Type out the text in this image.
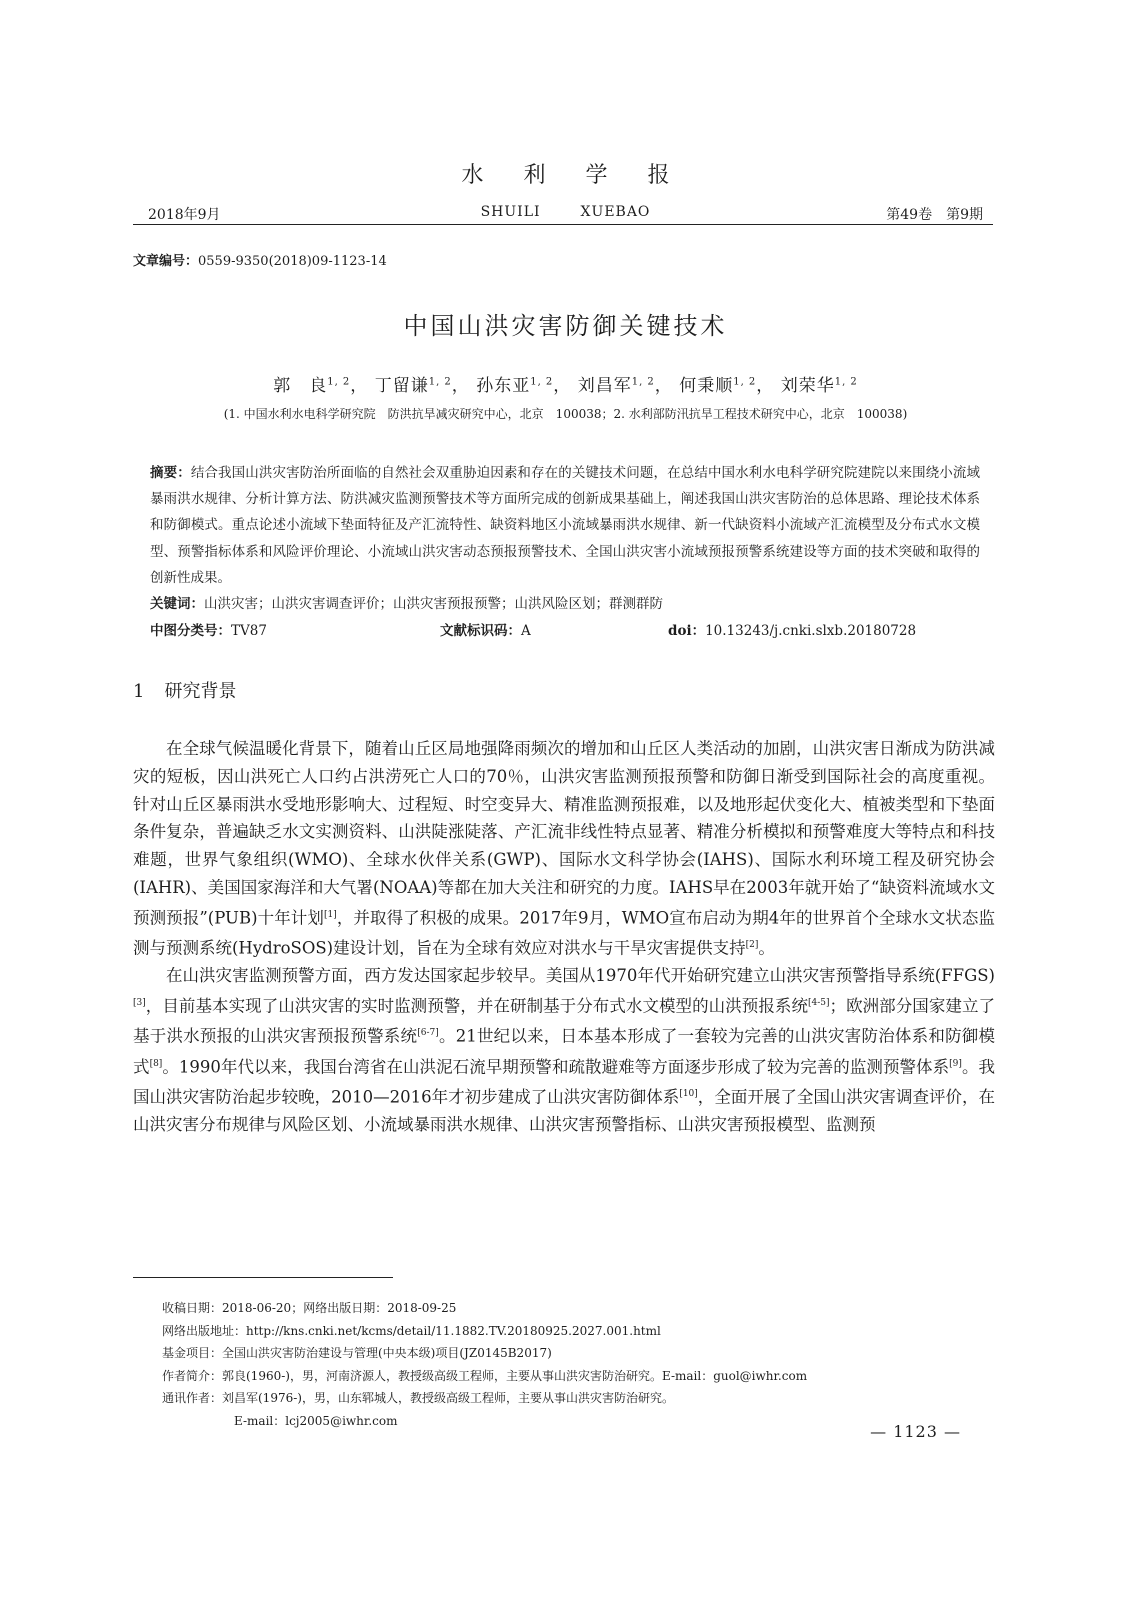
水利学报
2018年9月	SHUILI	XUEBAO	第49卷　第9期
文章编号：0559-9350(2018)09-1123-14
中国山洪灾害防御关键技术
郭　良$^{1, 2}$， 丁留谦$^{1, 2}$， 孙东亚$^{1, 2}$， 刘昌军$^{1, 2}$， 何秉顺$^{1, 2}$， 刘荣华$^{1, 2}$
(1. 中国水利水电科学研究院　防洪抗旱减灾研究中心，北京　100038；2. 水利部防汛抗旱工程技术研究中心，北京　100038)
摘要：结合我国山洪灾害防治所面临的自然社会双重胁迫因素和存在的关键技术问题，在总结中国水利水电科学研究院建院以来围绕小流域暴雨洪水规律、分析计算方法、防洪减灾监测预警技术等方面所完成的创新成果基础上，阐述我国山洪灾害防治的总体思路、理论技术体系和防御模式。重点论述小流域下垫面特征及产汇流特性、缺资料地区小流域暴雨洪水规律、新一代缺资料小流域产汇流模型及分布式水文模型、预警指标体系和风险评价理论、小流域山洪灾害动态预报预警技术、全国山洪灾害小流域预报预警系统建设等方面的技术突破和取得的创新性成果。
关键词：山洪灾害；山洪灾害调查评价；山洪灾害预报预警；山洪风险区划；群测群防
中图分类号：TV87	文献标识码：A	doi：10.13243/j.cnki.slxb.20180728
1 研究背景

在全球气候温暖化背景下，随着山丘区局地强降雨频次的增加和山丘区人类活动的加剧，山洪灾害日渐成为防洪减灾的短板，因山洪死亡人口约占洪涝死亡人口的70％，山洪灾害监测预报预警和防御日渐受到国际社会的高度重视。针对山丘区暴雨洪水受地形影响大、过程短、时空变异大、精准监测预报难，以及地形起伏变化大、植被类型和下垫面条件复杂，普遍缺乏水文实测资料、山洪陡涨陡落、产汇流非线性特点显著、精准分析模拟和预警难度大等特点和科技难题，世界气象组织(WMO)、全球水伙伴关系(GWP)、国际水文科学协会(IAHS)、国际水利环境工程及研究协会(IAHR)、美国国家海洋和大气署(NOAA)等都在加大关注和研究的力度。IAHS早在2003年就开始了“缺资料流域水文预测预报”(PUB)十年计划[1]，并取得了积极的成果。2017年9月，WMO宣布启动为期4年的世界首个全球水文状态监测与预测系统(HydroSOS)建设计划，旨在为全球有效应对洪水与干旱灾害提供支持[2]。

在山洪灾害监测预警方面，西方发达国家起步较早。美国从1970年代开始研究建立山洪灾害预警指导系统(FFGS)[3]，目前基本实现了山洪灾害的实时监测预警，并在研制基于分布式水文模型的山洪预报系统[4-5]；欧洲部分国家建立了基于洪水预报的山洪灾害预报预警系统[6-7]。21世纪以来，日本基本形成了一套较为完善的山洪灾害防治体系和防御模式[8]。1990年代以来，我国台湾省在山洪泥石流早期预警和疏散避难等方面逐步形成了较为完善的监测预警体系[9]。我国山洪灾害防治起步较晚，2010—2016年才初步建成了山洪灾害防御体系[10]，全面开展了全国山洪灾害调查评价，在山洪灾害分布规律与风险区划、小流域暴雨洪水规律、山洪灾害预警指标、山洪灾害预报模型、监测预

收稿日期：2018-06-20；网络出版日期：2018-09-25
网络出版地址：http://kns.cnki.net/kcms/detail/11.1882.TV.20180925.2027.001.html
基金项目：全国山洪灾害防治建设与管理(中央本级)项目(JZ0145B2017)
作者简介：郭良(1960-)，男，河南济源人，教授级高级工程师，主要从事山洪灾害防治研究。E-mail：guol@iwhr.com
通讯作者：刘昌军(1976-)，男，山东郓城人，教授级高级工程师，主要从事山洪灾害防治研究。
E-mail：lcj2005@iwhr.com
— 1123 —
